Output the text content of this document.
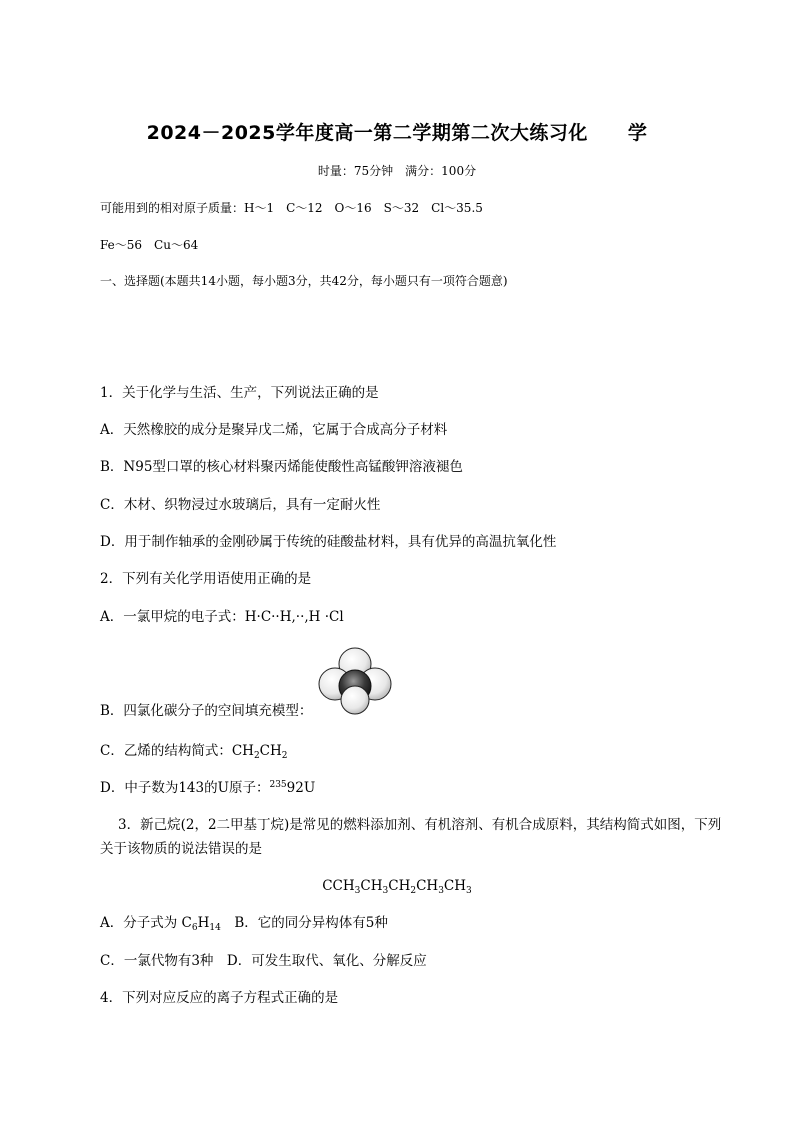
2024－2025学年度高一第二学期第二次大练习化 学
时量：75分钟　满分：100分
可能用到的相对原子质量：H～1　C～12　O～16　S～32　Cl～35.5
Fe～56　Cu～64
一、选择题(本题共14小题，每小题3分，共42分，每小题只有一项符合题意)
1．关于化学与生活、生产，下列说法正确的是
A．天然橡胶的成分是聚异戊二烯，它属于合成高分子材料
B．N95型口罩的核心材料聚丙烯能使酸性高锰酸钾溶液褪色
C．木材、织物浸过水玻璃后，具有一定耐火性
D．用于制作轴承的金刚砂属于传统的硅酸盐材料，具有优异的高温抗氧化性
2．下列有关化学用语使用正确的是
A．一氯甲烷的电子式：H·C··H,··,H ·Cl
B．四氯化碳分子的空间填充模型：
C．乙烯的结构简式：$CH_2CH_2$
D．中子数为143的U原子：$^{235}$92U
3．新己烷(2，2二甲基丁烷)是常见的燃料添加剂、有机溶剂、有机合成原料，其结构简式如图，下列
关于该物质的说法错误的是
$CCH_3CH_3CH_2CH_3CH_3$
A．分子式为 $C_6H_{14}$　B．它的同分异构体有5种
C．一氯代物有3种　D．可发生取代、氧化、分解反应
4．下列对应反应的离子方程式正确的是
